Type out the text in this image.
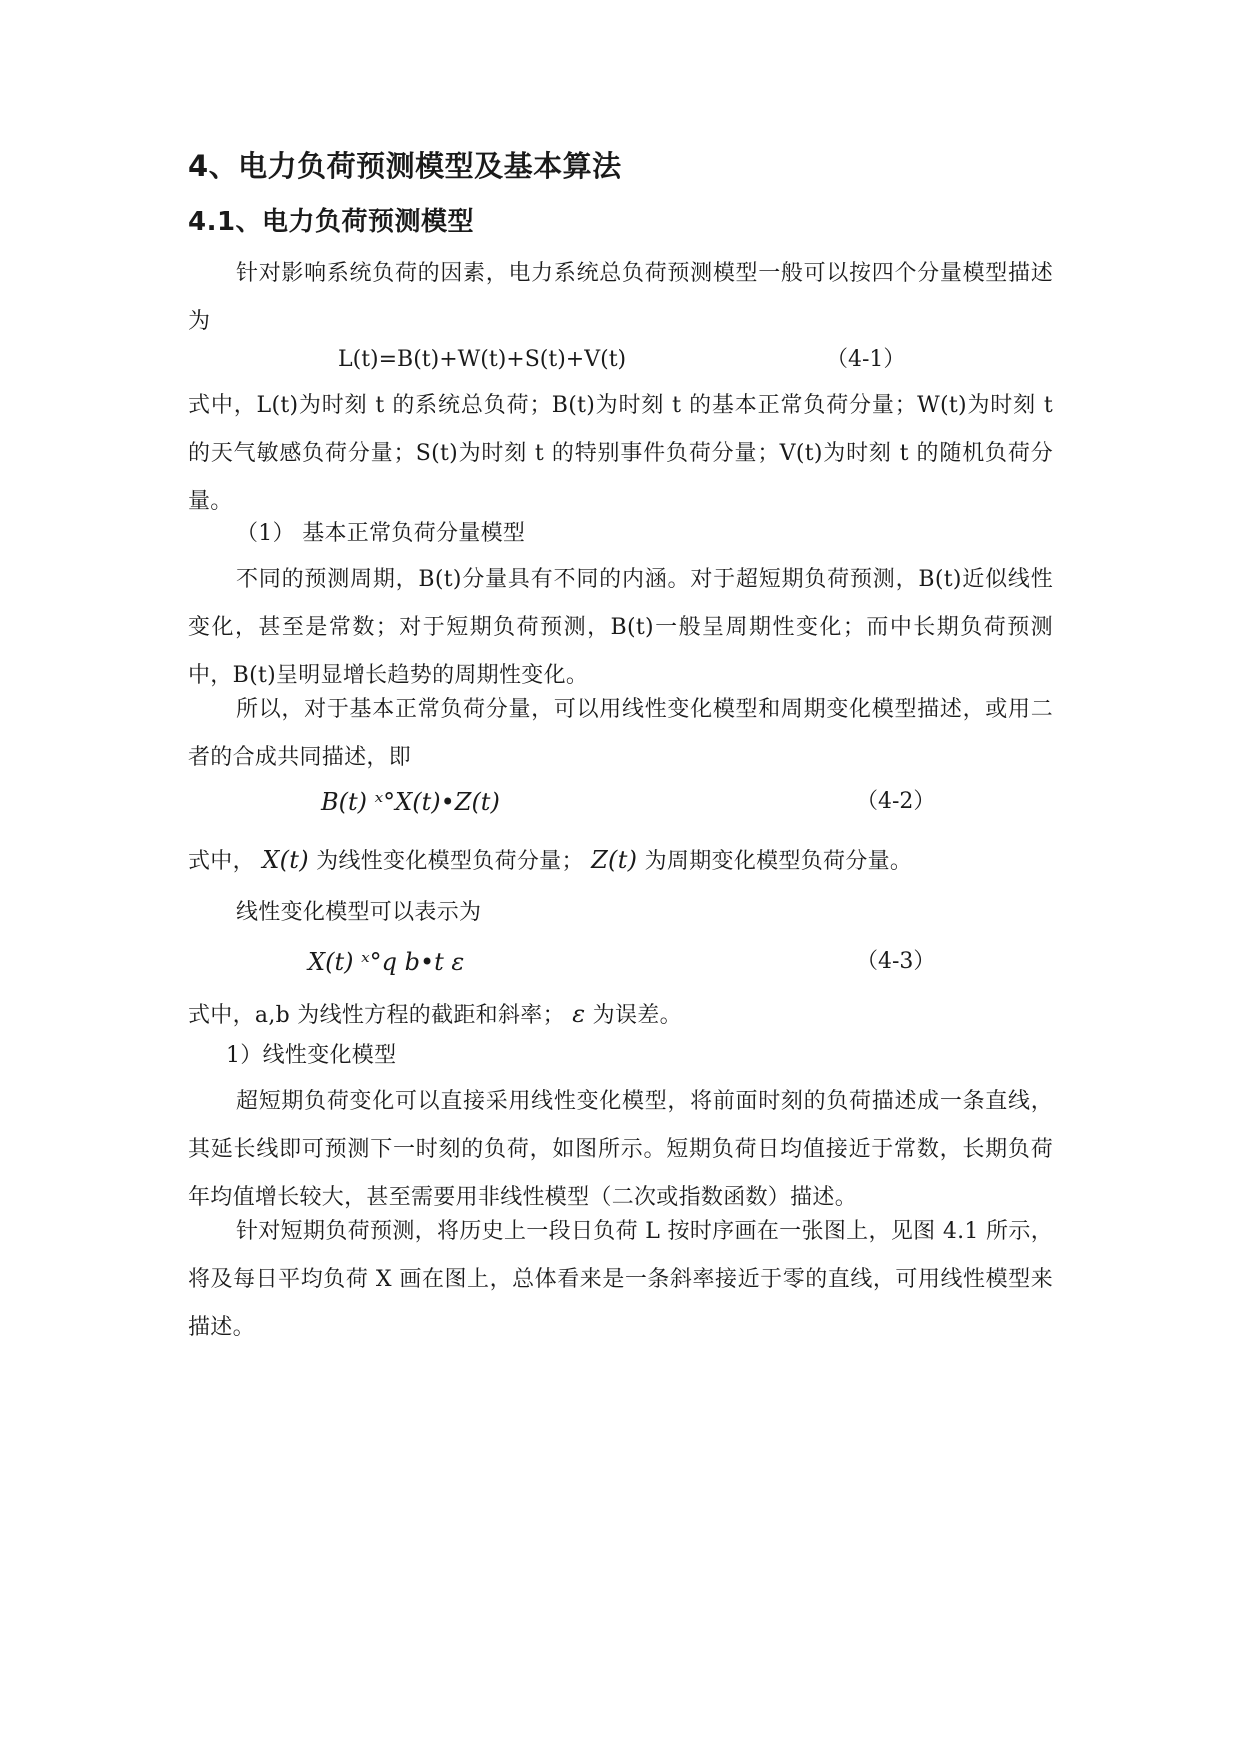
4、电力负荷预测模型及基本算法
4.1、电力负荷预测模型

针对影响系统负荷的因素，电力系统总负荷预测模型一般可以按四个分量模型描述为

L(t)=B(t)+W(t)+S(t)+V(t)	（4-1）

式中，L(t)为时刻 t 的系统总负荷；B(t)为时刻 t 的基本正常负荷分量；W(t)为时刻 t 的天气敏感负荷分量；S(t)为时刻 t 的特别事件负荷分量；V(t)为时刻 t 的随机负荷分量。

（1） 基本正常负荷分量模型

不同的预测周期，B(t)分量具有不同的内涵。对于超短期负荷预测，B(t)近似线性变化，甚至是常数；对于短期负荷预测，B(t)一般呈周期性变化；而中长期负荷预测中，B(t)呈明显增长趋势的周期性变化。

所以，对于基本正常负荷分量，可以用线性变化模型和周期变化模型描述，或用二者的合成共同描述，即

B(t) ˣ°X(t)•Z(t)	（4-2）

式中， X(t) 为线性变化模型负荷分量； Z(t) 为周期变化模型负荷分量。

线性变化模型可以表示为

X(t) ˣ°q b•t ε	（4-3）

式中，a,b 为线性方程的截距和斜率； ε 为误差。

1）线性变化模型

超短期负荷变化可以直接采用线性变化模型，将前面时刻的负荷描述成一条直线，其延长线即可预测下一时刻的负荷，如图所示。短期负荷日均值接近于常数，长期负荷年均值增长较大，甚至需要用非线性模型（二次或指数函数）描述。

针对短期负荷预测，将历史上一段日负荷 L 按时序画在一张图上，见图 4.1 所示，将及每日平均负荷 X 画在图上，总体看来是一条斜率接近于零的直线，可用线性模型来描述。
